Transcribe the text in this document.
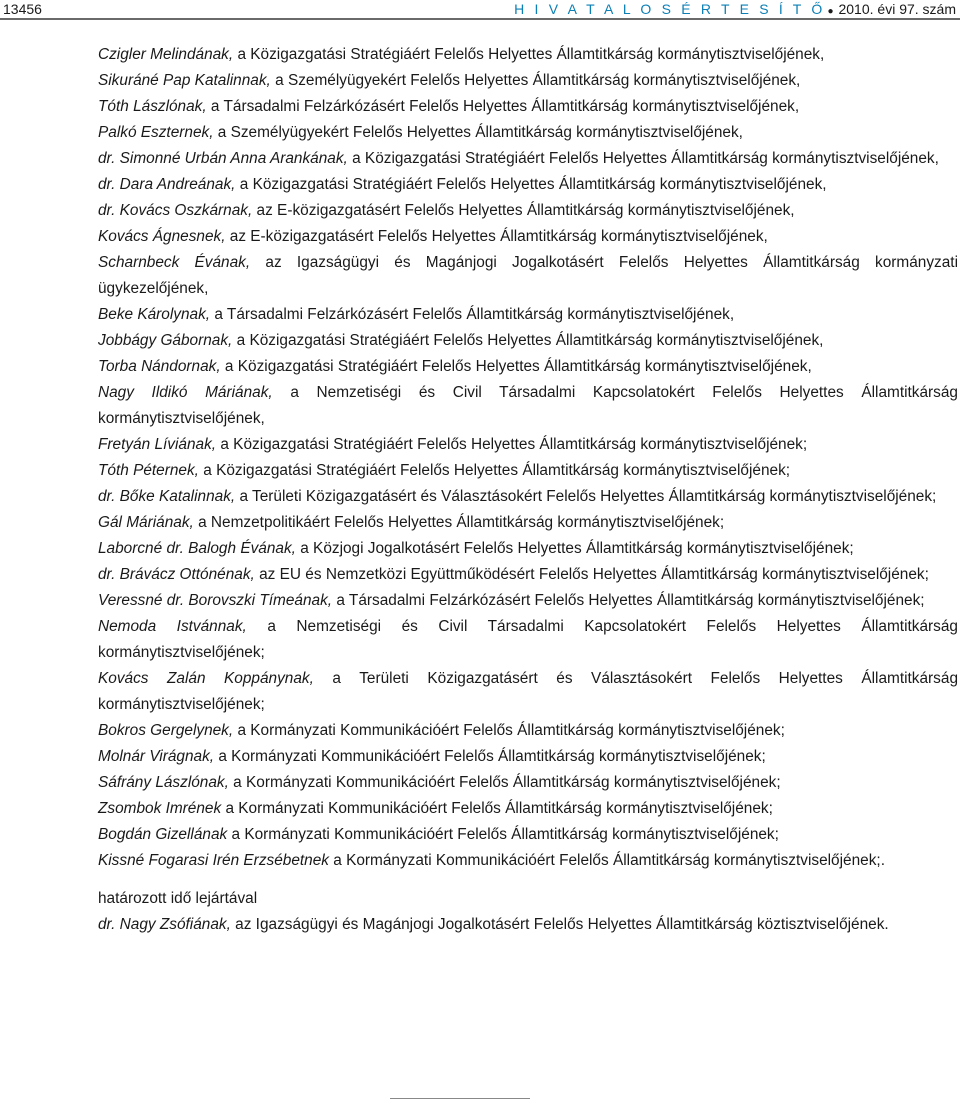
13456	H I V A T A L O S É R T E S Í T Ő ● 2010. évi 97. szám

Czigler Melindának, a Közigazgatási Stratégiáért Felelős Helyettes Államtitkárság kormánytisztviselőjének,

Sikuráné Pap Katalinnak, a Személyügyekért Felelős Helyettes Államtitkárság kormánytisztviselőjének,

Tóth Lászlónak, a Társadalmi Felzárkózásért Felelős Helyettes Államtitkárság kormánytisztviselőjének,

Palkó Eszternek, a Személyügyekért Felelős Helyettes Államtitkárság kormánytisztviselőjének,

dr. Simonné Urbán Anna Arankának, a Közigazgatási Stratégiáért Felelős Helyettes Államtitkárság kormánytisztviselőjének,

dr. Dara Andreának, a Közigazgatási Stratégiáért Felelős Helyettes Államtitkárság kormánytisztviselőjének,

dr. Kovács Oszkárnak, az E-közigazgatásért Felelős Helyettes Államtitkárság kormánytisztviselőjének,

Kovács Ágnesnek, az E-közigazgatásért Felelős Helyettes Államtitkárság kormánytisztviselőjének,

Scharnbeck Évának, az Igazságügyi és Magánjogi Jogalkotásért Felelős Helyettes Államtitkárság kormányzati ügykezelőjének,

Beke Károlynak, a Társadalmi Felzárkózásért Felelős Államtitkárság kormánytisztviselőjének,

Jobbágy Gábornak, a Közigazgatási Stratégiáért Felelős Helyettes Államtitkárság kormánytisztviselőjének,

Torba Nándornak, a Közigazgatási Stratégiáért Felelős Helyettes Államtitkárság kormánytisztviselőjének,

Nagy Ildikó Máriának, a Nemzetiségi és Civil Társadalmi Kapcsolatokért Felelős Helyettes Államtitkárság kormánytisztviselőjének,

Fretyán Líviának, a Közigazgatási Stratégiáért Felelős Helyettes Államtitkárság kormánytisztviselőjének;

Tóth Péternek, a Közigazgatási Stratégiáért Felelős Helyettes Államtitkárság kormánytisztviselőjének;

dr. Bőke Katalinnak, a Területi Közigazgatásért és Választásokért Felelős Helyettes Államtitkárság kormánytisztviselőjének;

Gál Máriának, a Nemzetpolitikáért Felelős Helyettes Államtitkárság kormánytisztviselőjének;

Laborcné dr. Balogh Évának, a Közjogi Jogalkotásért Felelős Helyettes Államtitkárság kormánytisztviselőjének;

dr. Brávácz Ottónénak, az EU és Nemzetközi Együttműködésért Felelős Helyettes Államtitkárság kormánytisztviselőjének;

Veressné dr. Borovszki Tímeának, a Társadalmi Felzárkózásért Felelős Helyettes Államtitkárság kormánytisztviselőjének;

Nemoda Istvánnak, a Nemzetiségi és Civil Társadalmi Kapcsolatokért Felelős Helyettes Államtitkárság kormánytisztviselőjének;

Kovács Zalán Koppánynak, a Területi Közigazgatásért és Választásokért Felelős Helyettes Államtitkárság kormánytisztviselőjének;

Bokros Gergelynek, a Kormányzati Kommunikációért Felelős Államtitkárság kormánytisztviselőjének;

Molnár Virágnak, a Kormányzati Kommunikációért Felelős Államtitkárság kormánytisztviselőjének;

Sáfrány Lászlónak, a Kormányzati Kommunikációért Felelős Államtitkárság kormánytisztviselőjének;

Zsombok Imrének a Kormányzati Kommunikációért Felelős Államtitkárság kormánytisztviselőjének;

Bogdán Gizellának a Kormányzati Kommunikációért Felelős Államtitkárság kormánytisztviselőjének;

Kissné Fogarasi Irén Erzsébetnek a Kormányzati Kommunikációért Felelős Államtitkárság kormánytisztviselőjének;.

határozott idő lejártával

dr. Nagy Zsófiának, az Igazságügyi és Magánjogi Jogalkotásért Felelős Helyettes Államtitkárság köztisztviselőjének.
